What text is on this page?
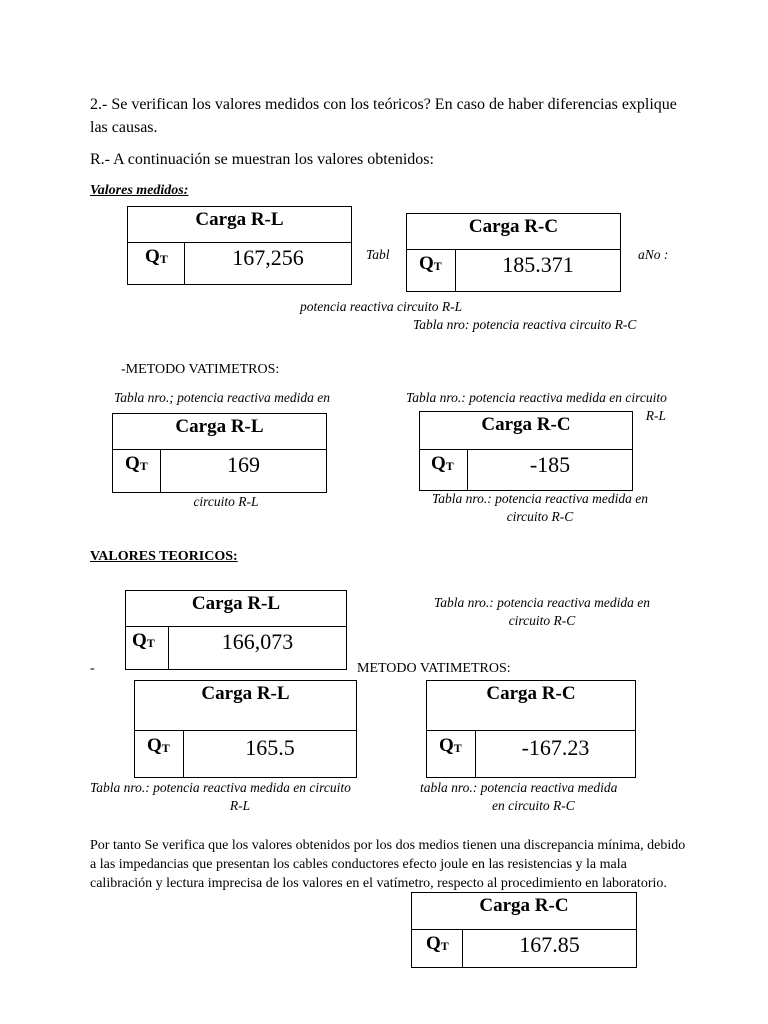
2.- Se verifican los valores medidos con los teóricos? En caso de haber diferencias explique las causas.
R.- A continuación se muestran los valores obtenidos:
Valores medidos:
Carga R-L
$Q_T$	167,256	Tabl
Carga R-C
$Q_T$	185.371	aNo :
potencia reactiva circuito R-L
Tabla nro: potencia reactiva circuito R-C
-METODO VATIMETROS:
Tabla nro.; potencia reactiva medida en	Tabla nro.: potencia reactiva medida en circuito
R-L
Carga R-L
$Q_T$	169
Carga R-C
$Q_T$	-185
circuito R-L	Tabla nro.: potencia reactiva medida en
circuito R-C
VALORES TEORICOS:
Carga R-L
$Q_T$	166,073
Tabla nro.: potencia reactiva medida en
circuito R-C
-	METODO VATIMETROS:
Carga R-L
$Q_T$	165.5
Carga R-C
$Q_T$	-167.23
Tabla nro.: potencia reactiva medida en circuito
R-L
tabla nro.: potencia reactiva medida
en circuito R-C
Por tanto Se verifica que los valores obtenidos por los dos medios tienen una discrepancia mínima, debido a las impedancias que presentan los cables conductores efecto joule en las resistencias y la mala calibración y lectura imprecisa de los valores en el vatímetro, respecto al procedimiento en laboratorio.
Carga R-C
$Q_T$	167.85
